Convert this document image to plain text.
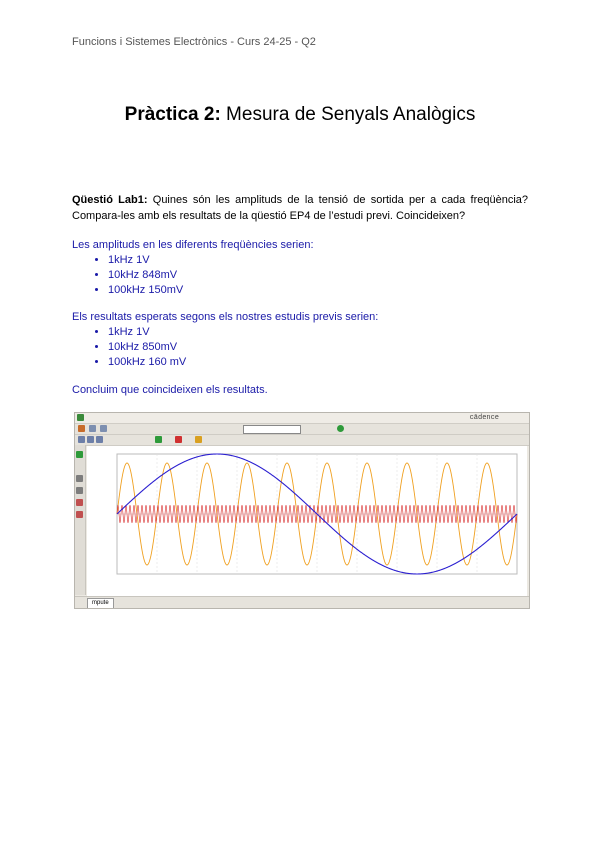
Funcions i Sistemes Electrònics - Curs 24-25 - Q2
Pràctica 2: Mesura de Senyals Analògics
Qüestió Lab1: Quines són les amplituds de la tensió de sortida per a cada freqüència? Compara-les amb els resultats de la qüestió EP4 de l’estudi previ. Coincideixen?
Les amplituds en les diferents freqüències serien:
• 1kHz 1V
• 10kHz 848mV
• 100kHz 150mV
Els resultats esperats segons els nostres estudis previs serien:
• 1kHz 1V
• 10kHz 850mV
• 100kHz 160 mV
Concluim que coincideixen els resultats.
cādence
mpute
